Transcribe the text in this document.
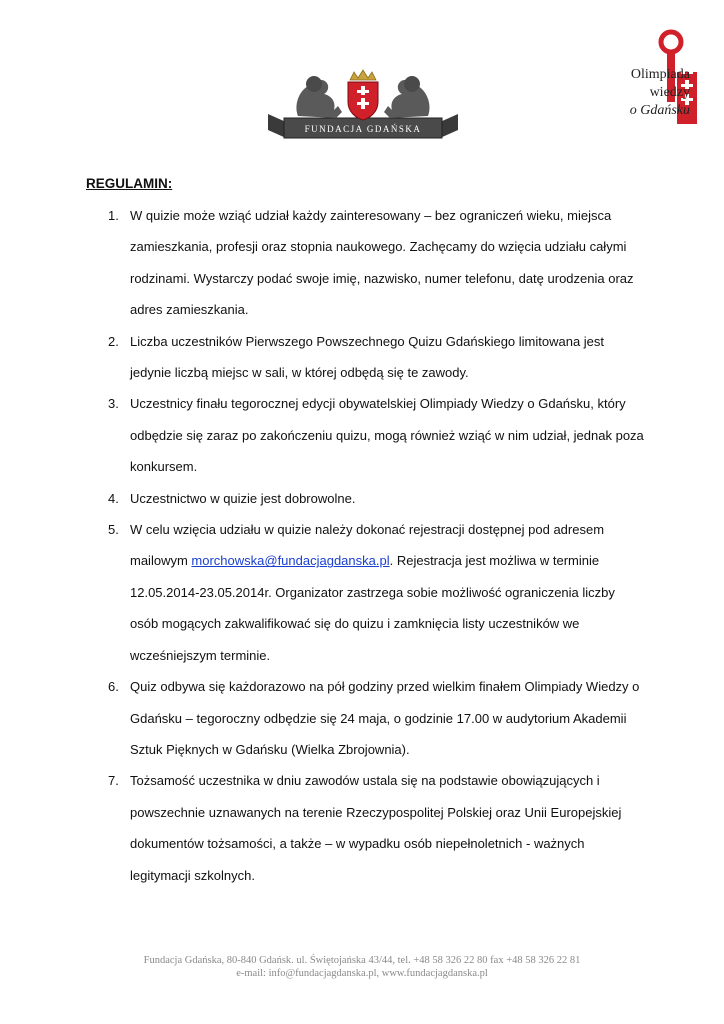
FUNDACJA GDAŃSKA
Olimpiada
wiedzy
o Gdańsku
REGULAMIN:
1. W quizie może wziąć udział każdy zainteresowany – bez ograniczeń wieku, miejsca zamieszkania, profesji oraz stopnia naukowego. Zachęcamy do wzięcia udziału całymi rodzinami. Wystarczy podać swoje imię, nazwisko, numer telefonu, datę urodzenia oraz adres zamieszkania.
2. Liczba uczestników Pierwszego Powszechnego Quizu Gdańskiego limitowana jest jedynie liczbą miejsc w sali, w której odbędą się te zawody.
3. Uczestnicy finału tegorocznej edycji obywatelskiej Olimpiady Wiedzy o Gdańsku, który odbędzie się zaraz po zakończeniu quizu, mogą również wziąć w nim udział, jednak poza konkursem.
4. Uczestnictwo w quizie jest dobrowolne.
5. W celu wzięcia udziału w quizie należy dokonać rejestracji dostępnej pod adresem mailowym morchowska@fundacjagdanska.pl. Rejestracja jest możliwa w terminie 12.05.2014-23.05.2014r. Organizator zastrzega sobie możliwość ograniczenia liczby osób mogących zakwalifikować się do quizu i zamknięcia listy uczestników we wcześniejszym terminie.
6. Quiz odbywa się każdorazowo na pół godziny przed wielkim finałem Olimpiady Wiedzy o Gdańsku – tegoroczny odbędzie się 24 maja, o godzinie 17.00 w audytorium Akademii Sztuk Pięknych w Gdańsku (Wielka Zbrojownia).
7. Tożsamość uczestnika w dniu zawodów ustala się na podstawie obowiązujących i powszechnie uznawanych na terenie Rzeczypospolitej Polskiej oraz Unii Europejskiej dokumentów tożsamości, a także – w wypadku osób niepełnoletnich - ważnych legitymacji szkolnych.
Fundacja Gdańska, 80-840 Gdańsk. ul. Świętojańska 43/44, tel. +48 58 326 22 80 fax +48 58 326 22 81
e-mail: info@fundacjagdanska.pl, www.fundacjagdanska.pl
